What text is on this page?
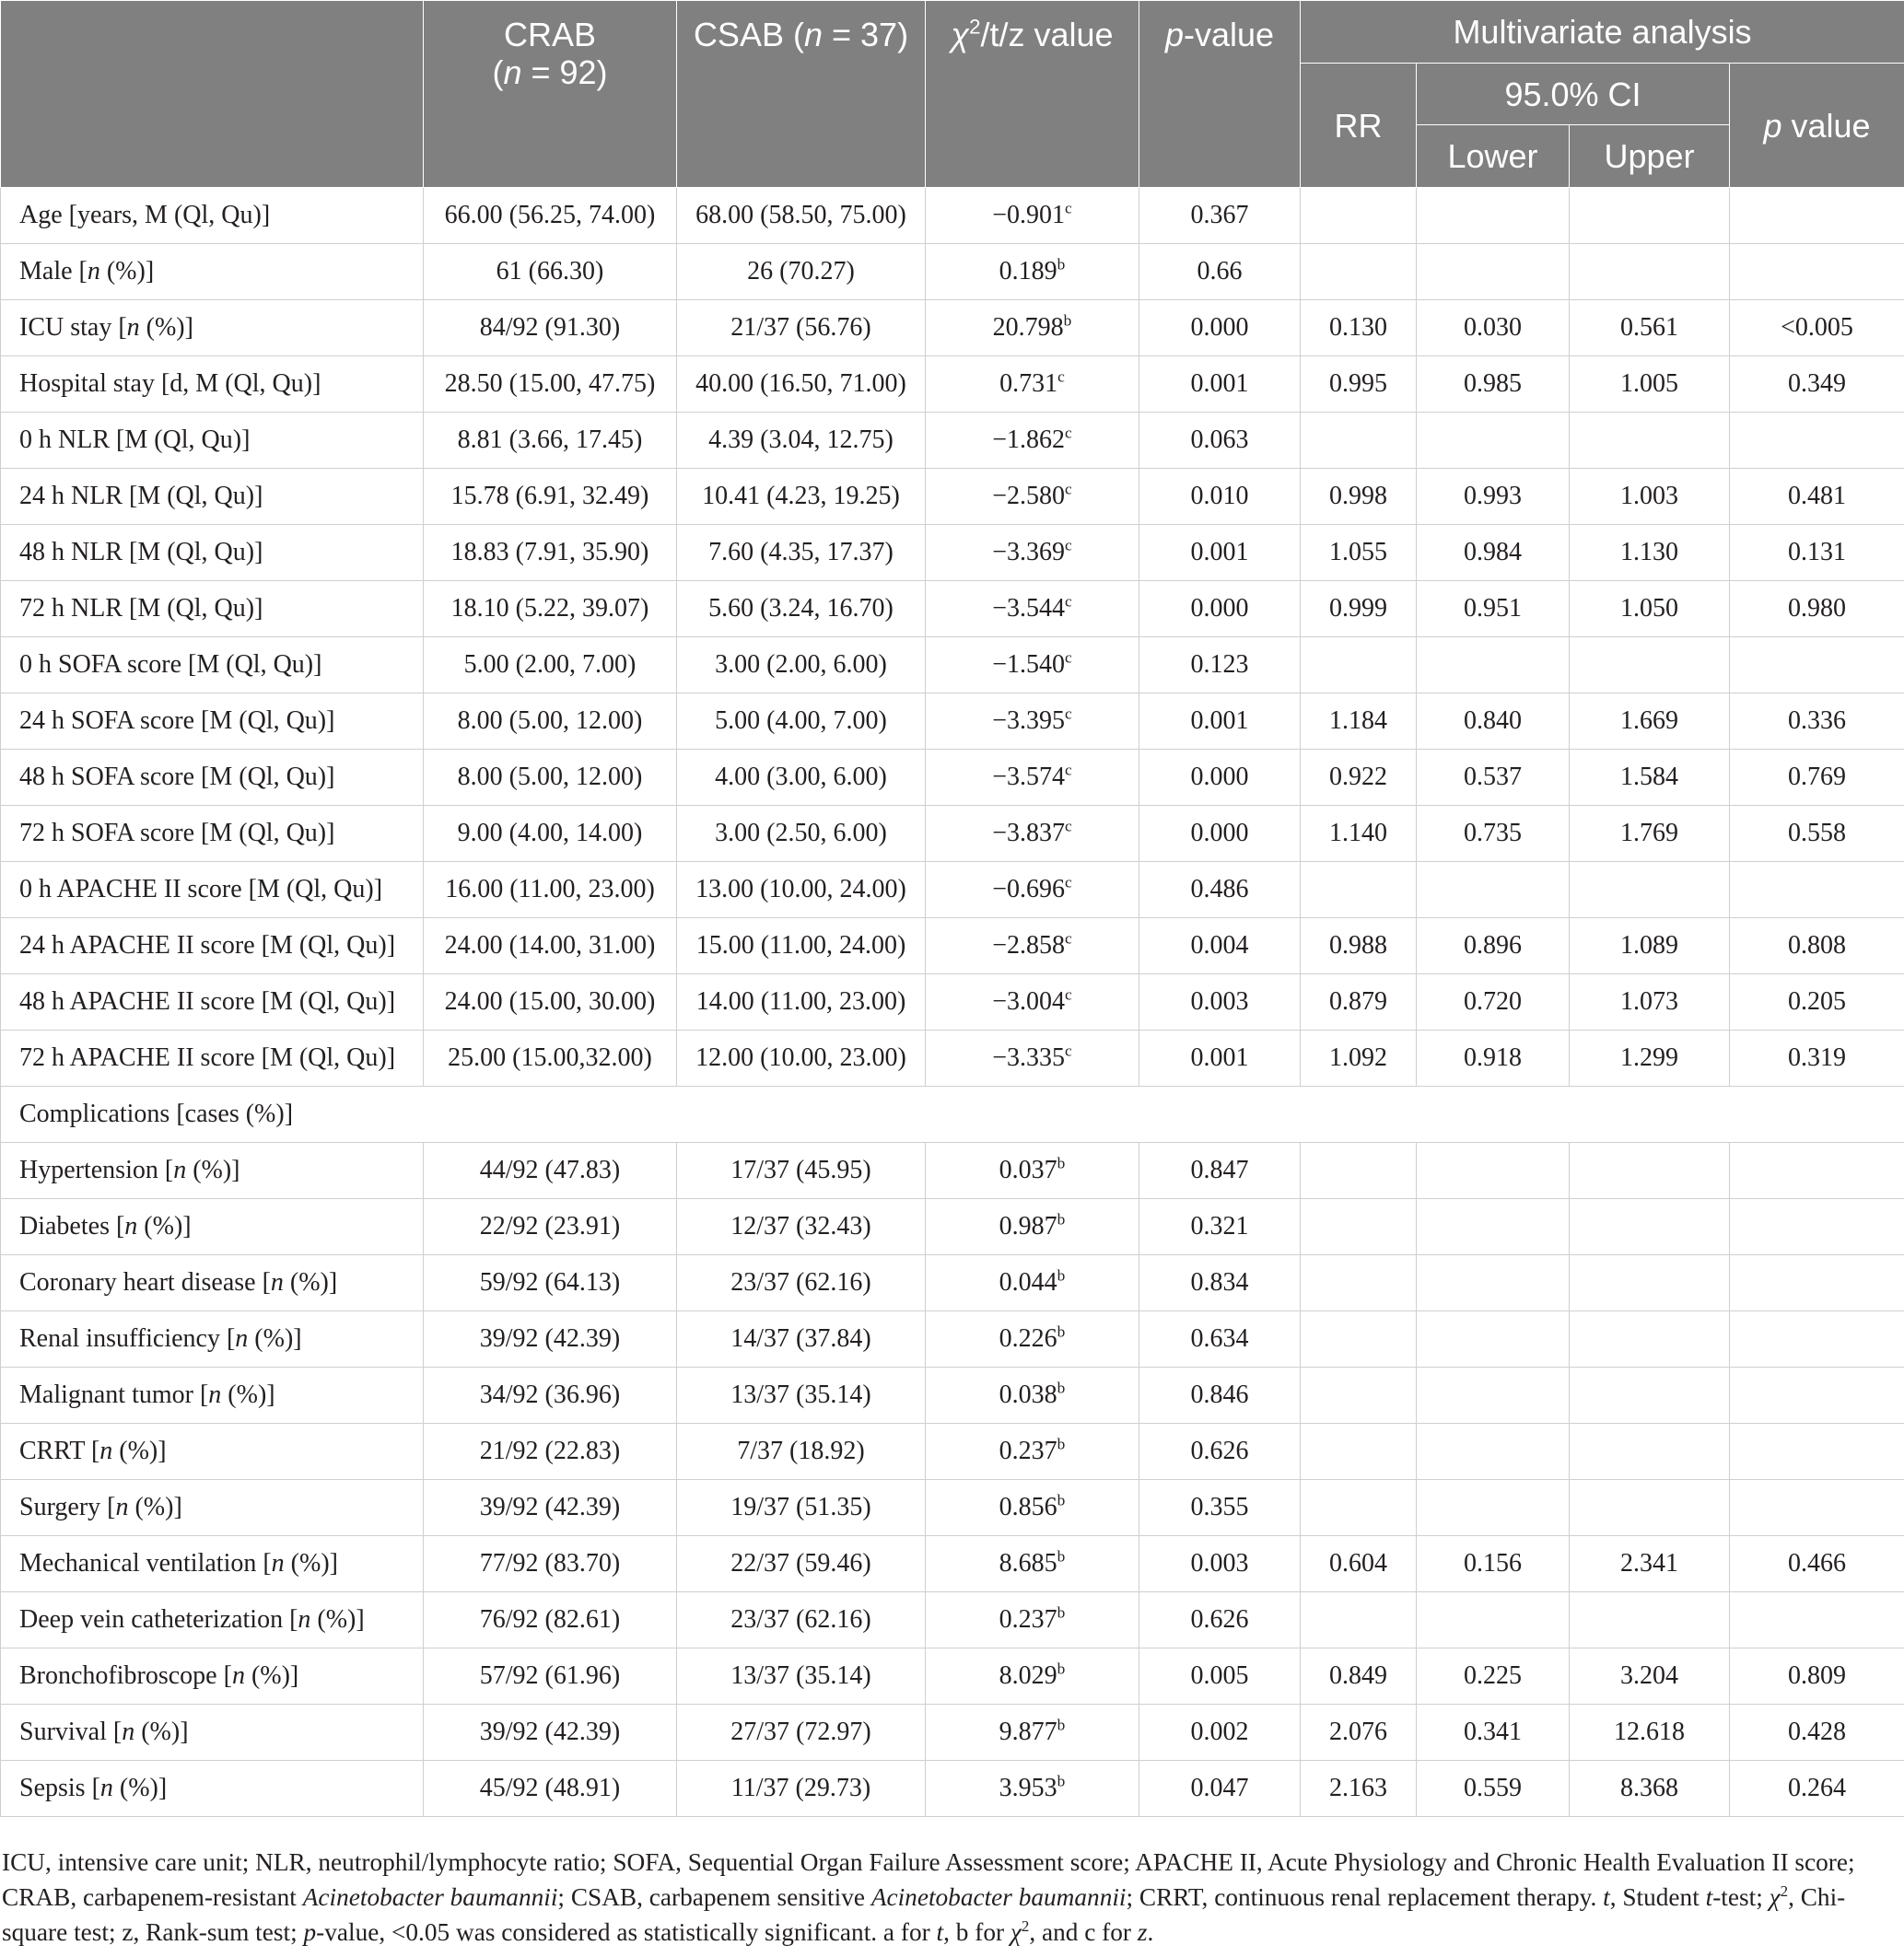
	CRAB
(n = 92)	CSAB (n = 37)	$\chi^2/t/z$ value	p-value	Multivariate analysis			
					RR	95.0% CI		p value
						Lower	Upper	
Age [years, M (Ql, Qu)]	66.00 (56.25, 74.00)	68.00 (58.50, 75.00)	−0.901$^c$	0.367				
Male [n (%)]	61 (66.30)	26 (70.27)	0.189$^b$	0.66				
ICU stay [n (%)]	84/92 (91.30)	21/37 (56.76)	20.798$^b$	0.000	0.130	0.030	0.561	<0.005
Hospital stay [d, M (Ql, Qu)]	28.50 (15.00, 47.75)	40.00 (16.50, 71.00)	0.731$^c$	0.001	0.995	0.985	1.005	0.349
0 h NLR [M (Ql, Qu)]	8.81 (3.66, 17.45)	4.39 (3.04, 12.75)	−1.862$^c$	0.063				
24 h NLR [M (Ql, Qu)]	15.78 (6.91, 32.49)	10.41 (4.23, 19.25)	−2.580$^c$	0.010	0.998	0.993	1.003	0.481
48 h NLR [M (Ql, Qu)]	18.83 (7.91, 35.90)	7.60 (4.35, 17.37)	−3.369$^c$	0.001	1.055	0.984	1.130	0.131
72 h NLR [M (Ql, Qu)]	18.10 (5.22, 39.07)	5.60 (3.24, 16.70)	−3.544$^c$	0.000	0.999	0.951	1.050	0.980
0 h SOFA score [M (Ql, Qu)]	5.00 (2.00, 7.00)	3.00 (2.00, 6.00)	−1.540$^c$	0.123				
24 h SOFA score [M (Ql, Qu)]	8.00 (5.00, 12.00)	5.00 (4.00, 7.00)	−3.395$^c$	0.001	1.184	0.840	1.669	0.336
48 h SOFA score [M (Ql, Qu)]	8.00 (5.00, 12.00)	4.00 (3.00, 6.00)	−3.574$^c$	0.000	0.922	0.537	1.584	0.769
72 h SOFA score [M (Ql, Qu)]	9.00 (4.00, 14.00)	3.00 (2.50, 6.00)	−3.837$^c$	0.000	1.140	0.735	1.769	0.558
0 h APACHE II score [M (Ql, Qu)]	16.00 (11.00, 23.00)	13.00 (10.00, 24.00)	−0.696$^c$	0.486				
24 h APACHE II score [M (Ql, Qu)]	24.00 (14.00, 31.00)	15.00 (11.00, 24.00)	−2.858$^c$	0.004	0.988	0.896	1.089	0.808
48 h APACHE II score [M (Ql, Qu)]	24.00 (15.00, 30.00)	14.00 (11.00, 23.00)	−3.004$^c$	0.003	0.879	0.720	1.073	0.205
72 h APACHE II score [M (Ql, Qu)]	25.00 (15.00,32.00)	12.00 (10.00, 23.00)	−3.335$^c$	0.001	1.092	0.918	1.299	0.319
Complications [cases (%)]								
Hypertension [n (%)]	44/92 (47.83)	17/37 (45.95)	0.037$^b$	0.847				
Diabetes [n (%)]	22/92 (23.91)	12/37 (32.43)	0.987$^b$	0.321				
Coronary heart disease [n (%)]	59/92 (64.13)	23/37 (62.16)	0.044$^b$	0.834				
Renal insufficiency [n (%)]	39/92 (42.39)	14/37 (37.84)	0.226$^b$	0.634				
Malignant tumor [n (%)]	34/92 (36.96)	13/37 (35.14)	0.038$^b$	0.846				
CRRT [n (%)]	21/92 (22.83)	7/37 (18.92)	0.237$^b$	0.626				
Surgery [n (%)]	39/92 (42.39)	19/37 (51.35)	0.856$^b$	0.355				
Mechanical ventilation [n (%)]	77/92 (83.70)	22/37 (59.46)	8.685$^b$	0.003	0.604	0.156	2.341	0.466
Deep vein catheterization [n (%)]	76/92 (82.61)	23/37 (62.16)	0.237$^b$	0.626				
Bronchofibroscope [n (%)]	57/92 (61.96)	13/37 (35.14)	8.029$^b$	0.005	0.849	0.225	3.204	0.809
Survival [n (%)]	39/92 (42.39)	27/37 (72.97)	9.877$^b$	0.002	2.076	0.341	12.618	0.428
Sepsis [n (%)]	45/92 (48.91)	11/37 (29.73)	3.953$^b$	0.047	2.163	0.559	8.368	0.264
ICU, intensive care unit; NLR, neutrophil/lymphocyte ratio; SOFA, Sequential Organ Failure Assessment score; APACHE II, Acute Physiology and Chronic Health Evaluation II score; CRAB, carbapenem-resistant Acinetobacter baumannii; CSAB, carbapenem sensitive Acinetobacter baumannii; CRRT, continuous renal replacement therapy. t, Student t-test; $\chi^2$, Chi-square test; z, Rank-sum test; p-value, <0.05 was considered as statistically significant. a for t, b for $\chi^2$, and c for z.
